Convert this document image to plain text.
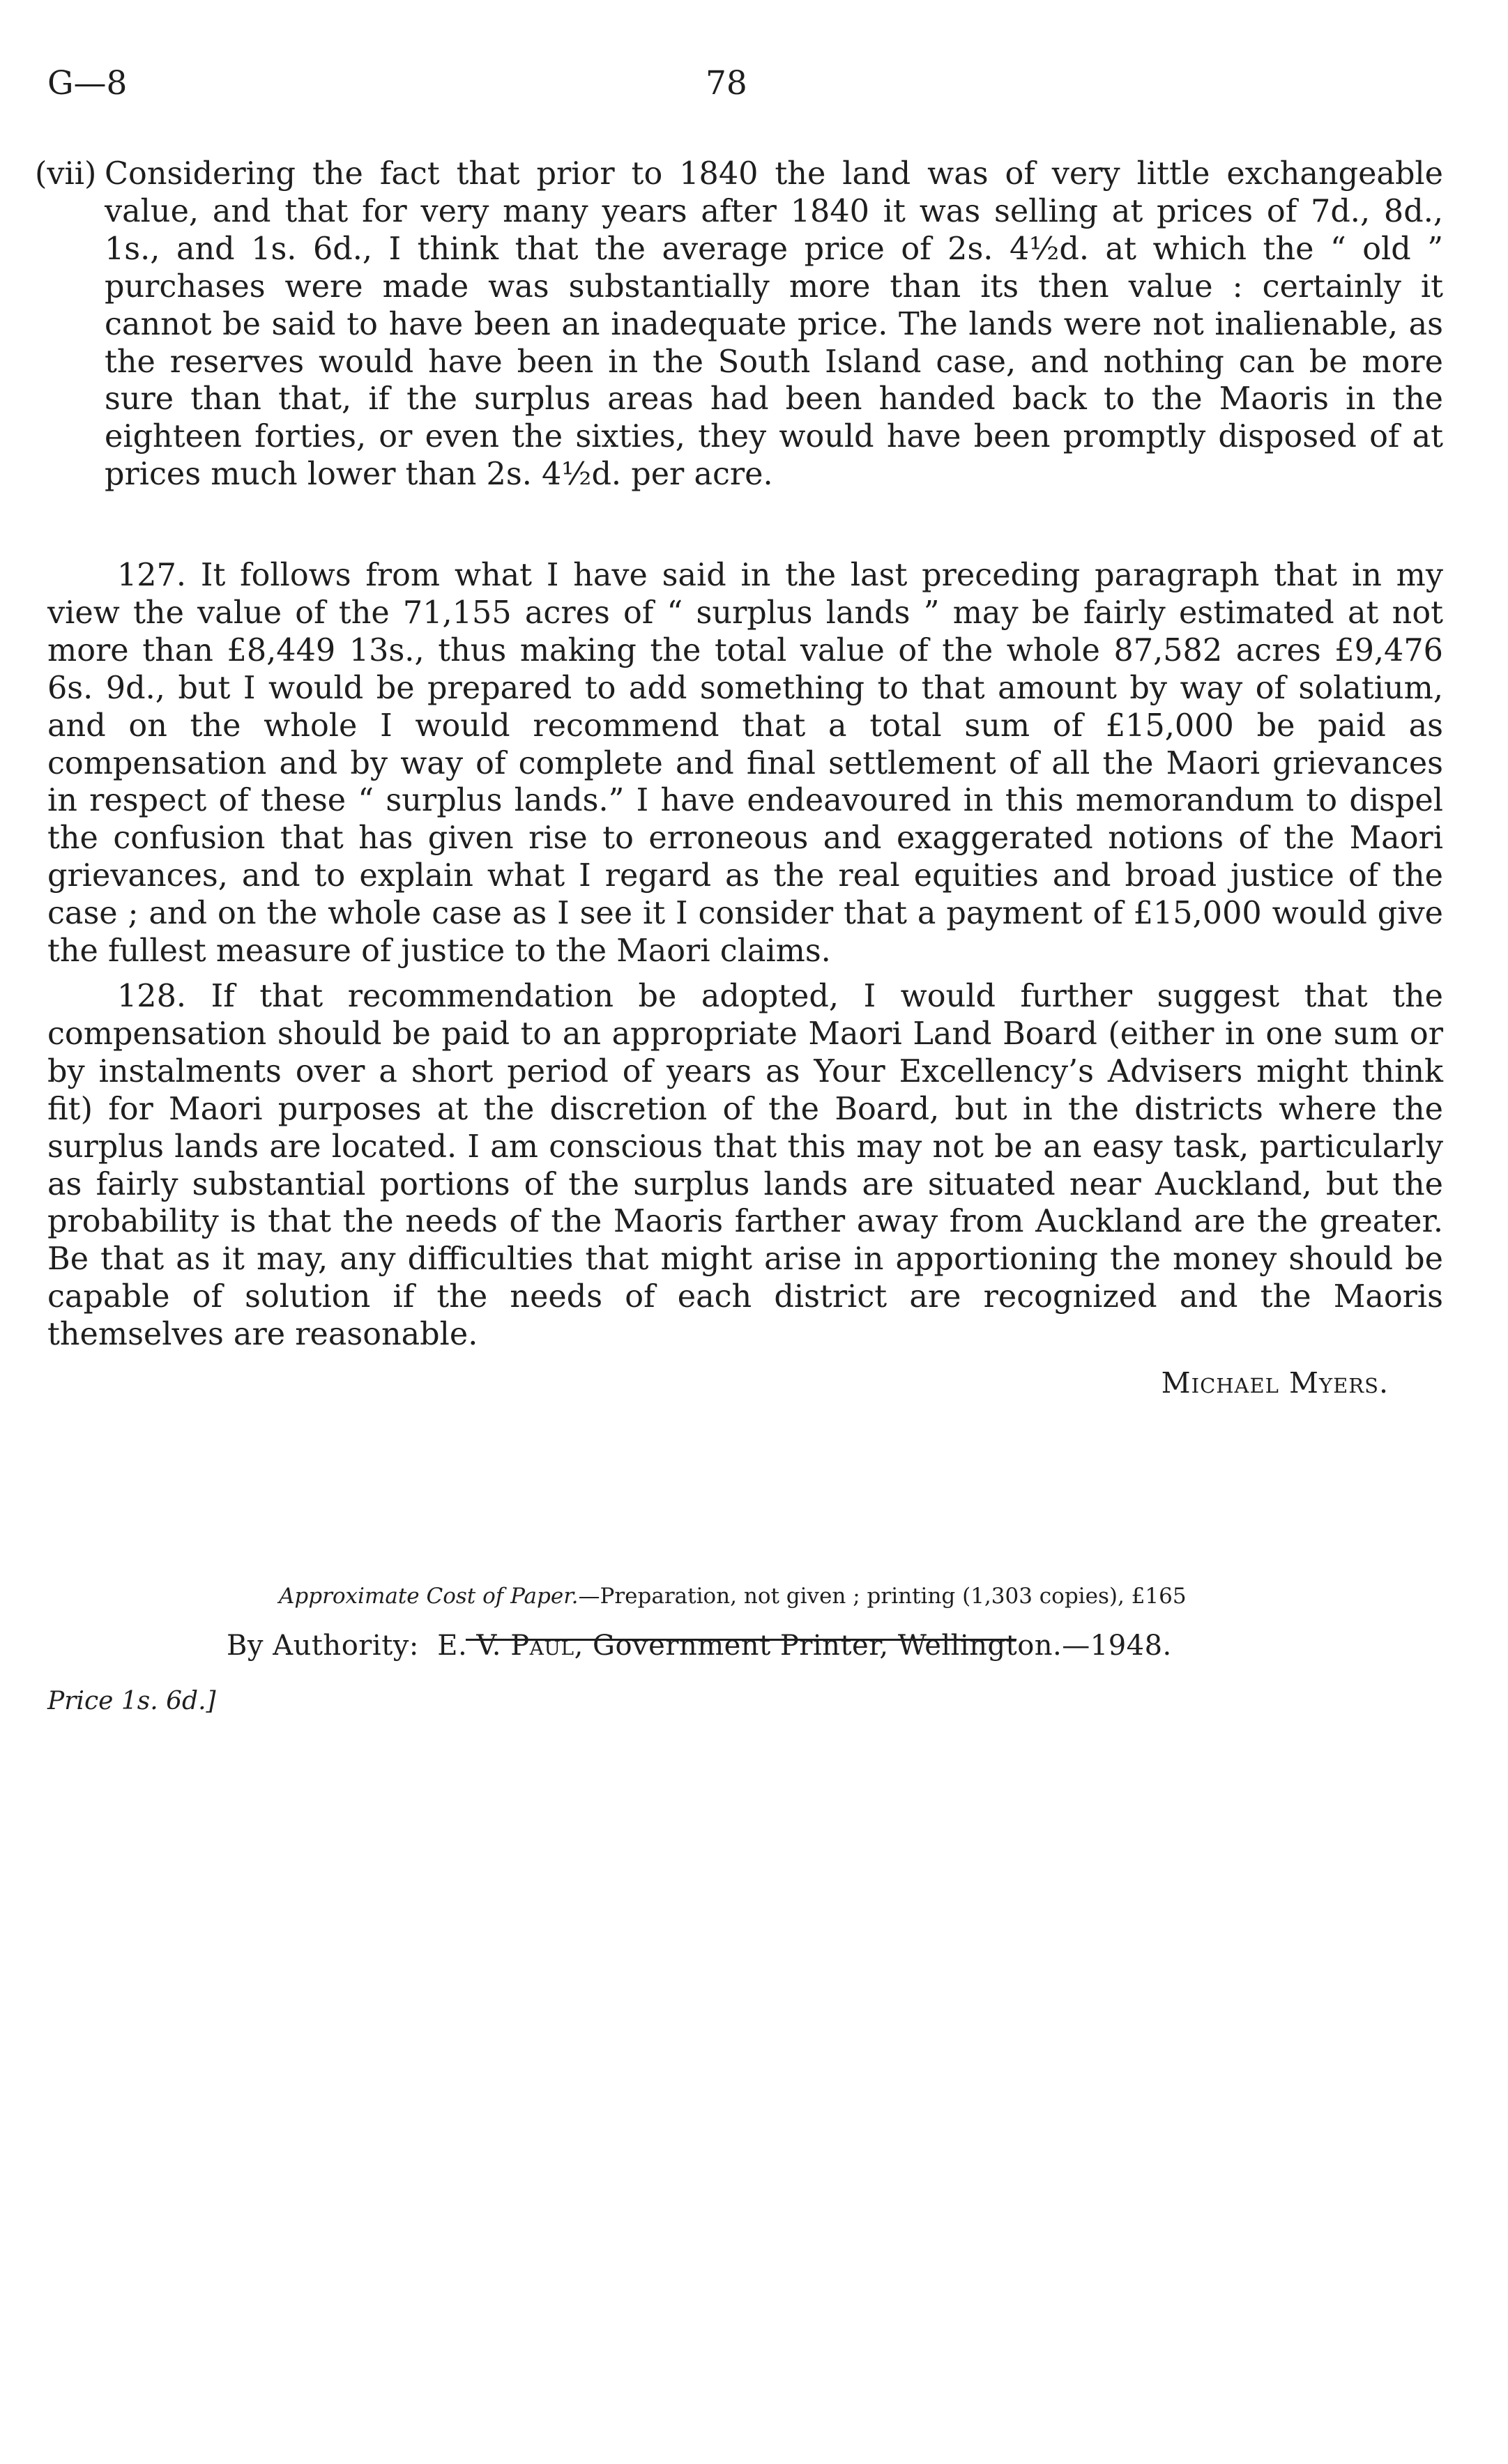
G—8	78

(vii) Considering the fact that prior to 1840 the land was of very little exchangeable value, and that for very many years after 1840 it was selling at prices of 7d., 8d., 1s., and 1s. 6d., I think that the average price of 2s. 4½d. at which the “ old ” purchases were made was substantially more than its then value : certainly it cannot be said to have been an inadequate price. The lands were not inalienable, as the reserves would have been in the South Island case, and nothing can be more sure than that, if the surplus areas had been handed back to the Maoris in the eighteen forties, or even the sixties, they would have been promptly disposed of at prices much lower than 2s. 4½d. per acre.

127. It follows from what I have said in the last preceding paragraph that in my view the value of the 71,155 acres of “ surplus lands ” may be fairly estimated at not more than £8,449 13s., thus making the total value of the whole 87,582 acres £9,476 6s. 9d., but I would be prepared to add something to that amount by way of solatium, and on the whole I would recommend that a total sum of £15,000 be paid as compensation and by way of complete and final settlement of all the Maori grievances in respect of these “ surplus lands.” I have endeavoured in this memorandum to dispel the confusion that has given rise to erroneous and exaggerated notions of the Maori grievances, and to explain what I regard as the real equities and broad justice of the case ; and on the whole case as I see it I consider that a payment of £15,000 would give the fullest measure of justice to the Maori claims.

128. If that recommendation be adopted, I would further suggest that the compensation should be paid to an appropriate Maori Land Board (either in one sum or by instalments over a short period of years as Your Excellency’s Advisers might think fit) for Maori purposes at the discretion of the Board, but in the districts where the surplus lands are located. I am conscious that this may not be an easy task, particularly as fairly substantial portions of the surplus lands are situated near Auckland, but the probability is that the needs of the Maoris farther away from Auckland are the greater. Be that as it may, any difficulties that might arise in apportioning the money should be capable of solution if the needs of each district are recognized and the Maoris themselves are reasonable.

Michael Myers.
Approximate Cost of Paper.—Preparation, not given ; printing (1,303 copies), £165
By Authority: E. V. Paul, Government Printer, Wellington.—1948.
Price 1s. 6d.]
